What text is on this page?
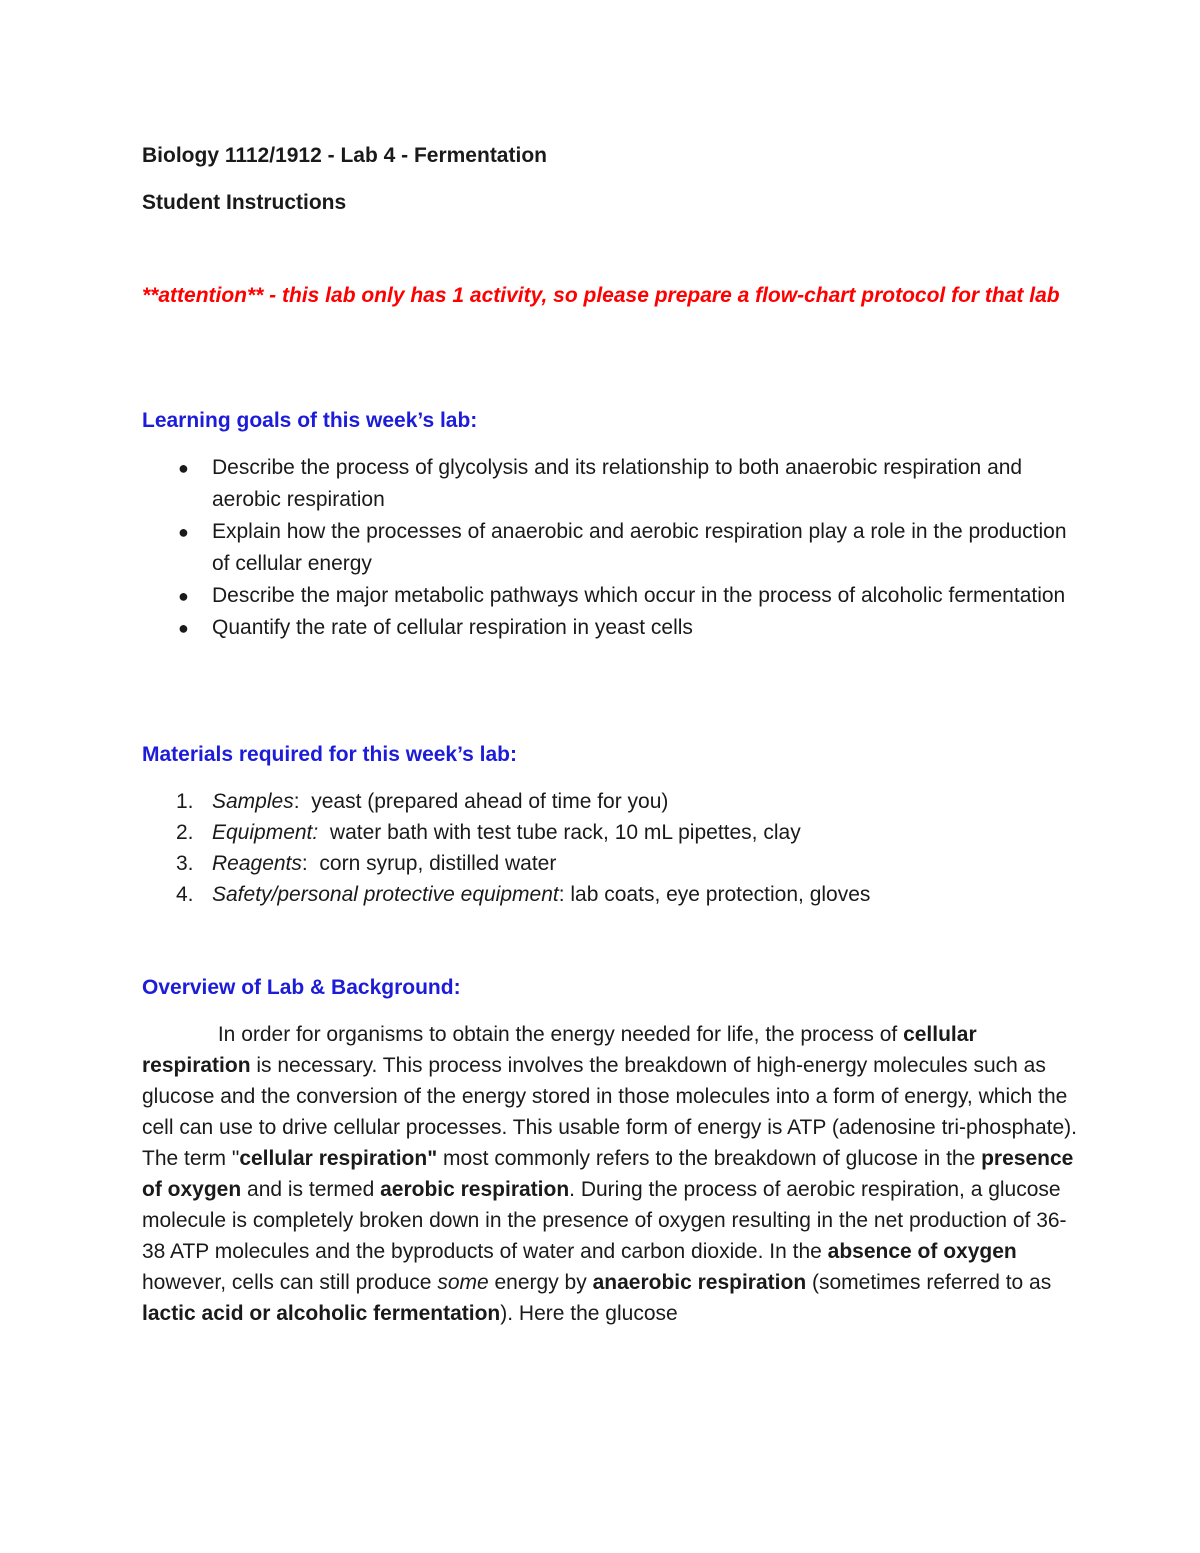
Biology 1112/1912 - Lab 4 - Fermentation
Student Instructions

**attention** - this lab only has 1 activity, so please prepare a flow-chart protocol for that lab

Learning goals of this week’s lab:
● Describe the process of glycolysis and its relationship to both anaerobic respiration and aerobic respiration
● Explain how the processes of anaerobic and aerobic respiration play a role in the production of cellular energy
● Describe the major metabolic pathways which occur in the process of alcoholic fermentation
● Quantify the rate of cellular respiration in yeast cells
Materials required for this week’s lab:
1. Samples:  yeast (prepared ahead of time for you)
2. Equipment: water bath with test tube rack, 10 mL pipettes, clay
3. Reagents:  corn syrup, distilled water
4. Safety/personal protective equipment: lab coats, eye protection, gloves
Overview of Lab & Background:

In order for organisms to obtain the energy needed for life, the process of cellular respiration is necessary. This process involves the breakdown of high-energy molecules such as glucose and the conversion of the energy stored in those molecules into a form of energy, which the cell can use to drive cellular processes. This usable form of energy is ATP (adenosine tri-phosphate). The term "cellular respiration" most commonly refers to the breakdown of glucose in the presence of oxygen and is termed aerobic respiration. During the process of aerobic respiration, a glucose molecule is completely broken down in the presence of oxygen resulting in the net production of 36-38 ATP molecules and the byproducts of water and carbon dioxide. In the absence of oxygen however, cells can still produce some energy by anaerobic respiration (sometimes referred to as lactic acid or alcoholic fermentation). Here the glucose
